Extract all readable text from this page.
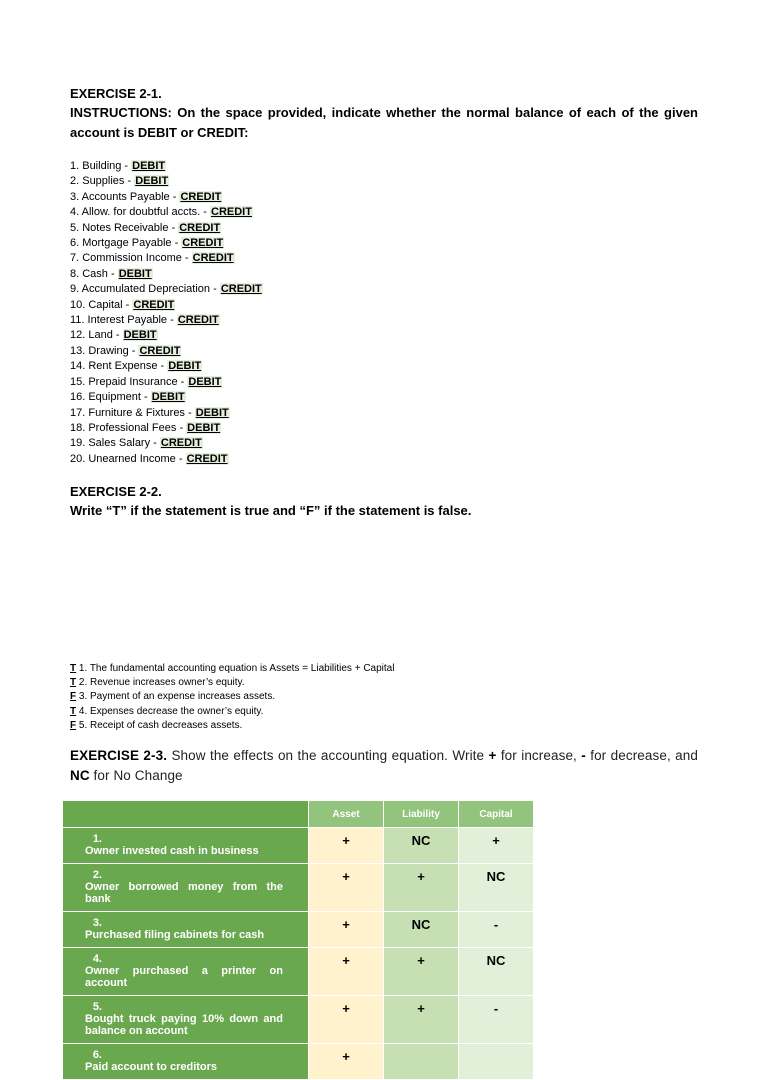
EXERCISE 2-1.
INSTRUCTIONS: On the space provided, indicate whether the normal balance of each of the given account is DEBIT or CREDIT:
1. Building - DEBIT
2. Supplies - DEBIT
3. Accounts Payable - CREDIT
4. Allow. for doubtful accts. - CREDIT
5. Notes Receivable - CREDIT
6. Mortgage Payable - CREDIT
7. Commission Income - CREDIT
8. Cash - DEBIT
9. Accumulated Depreciation - CREDIT
10. Capital - CREDIT
11. Interest Payable - CREDIT
12. Land - DEBIT
13. Drawing - CREDIT
14. Rent Expense - DEBIT
15. Prepaid Insurance - DEBIT
16. Equipment - DEBIT
17. Furniture & Fixtures - DEBIT
18. Professional Fees - DEBIT
19. Sales Salary - CREDIT
20. Unearned Income - CREDIT
EXERCISE 2-2.
Write “T” if the statement is true and “F” if the statement is false.
T 1. The fundamental accounting equation is Assets = Liabilities + Capital
T 2. Revenue increases owner’s equity.
F 3. Payment of an expense increases assets.
T 4. Expenses decrease the owner’s equity.
F 5. Receipt of cash decreases assets.
EXERCISE 2-3. Show the effects on the accounting equation. Write + for increase, - for decrease, and NC for No Change
	Asset	Liability	Capital
1.Owner invested cash in business	+	NC	+
2.Owner borrowed money from the bank	+	+	NC
3.Purchased filing cabinets for cash	+	NC	-
4.Owner purchased a printer on account	+	+	NC
5.Bought truck paying 10% down and balance on account	+	+	-
6.Paid account to creditors	+		
